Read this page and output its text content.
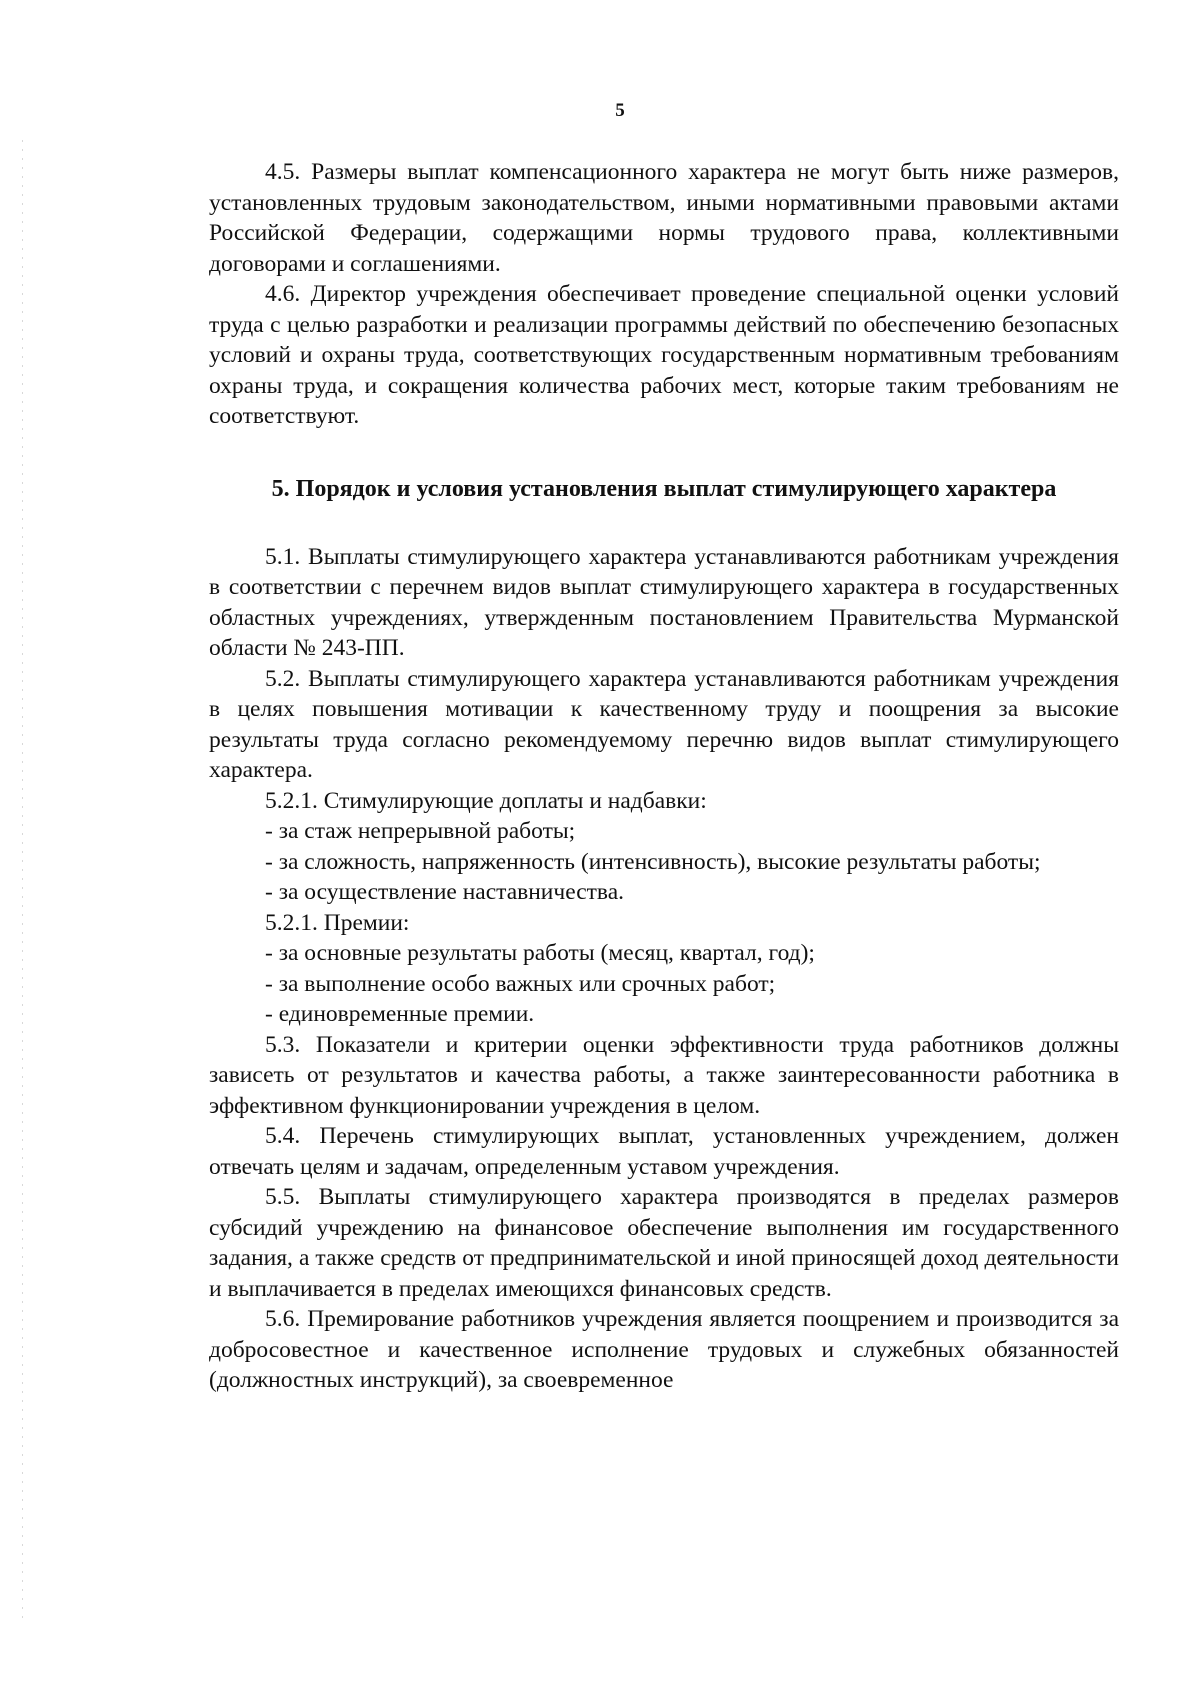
5

4.5. Размеры выплат компенсационного характера не могут быть ниже размеров, установленных трудовым законодательством, иными нормативными правовыми актами Российской Федерации, содержащими нормы трудового права, коллективными договорами и соглашениями.

4.6. Директор учреждения обеспечивает проведение специальной оценки условий труда с целью разработки и реализации программы действий по обеспечению безопасных условий и охраны труда, соответствующих государственным нормативным требованиям охраны труда, и сокращения количества рабочих мест, которые таким требованиям не соответствуют.

5. Порядок и условия установления выплат стимулирующего характера

5.1. Выплаты стимулирующего характера устанавливаются работникам учреждения в соответствии с перечнем видов выплат стимулирующего характера в государственных областных учреждениях, утвержденным постановлением Правительства Мурманской области № 243-ПП.

5.2. Выплаты стимулирующего характера устанавливаются работникам учреждения в целях повышения мотивации к качественному труду и поощрения за высокие результаты труда согласно рекомендуемому перечню видов выплат стимулирующего характера.

5.2.1. Стимулирующие доплаты и надбавки:

- за стаж непрерывной работы;

- за сложность, напряженность (интенсивность), высокие результаты работы;

- за осуществление наставничества.

5.2.1. Премии:

- за основные результаты работы (месяц, квартал, год);

- за выполнение особо важных или срочных работ;

- единовременные премии.

5.3. Показатели и критерии оценки эффективности труда работников должны зависеть от результатов и качества работы, а также заинтересованности работника в эффективном функционировании учреждения в целом.

5.4. Перечень стимулирующих выплат, установленных учреждением, должен отвечать целям и задачам, определенным уставом учреждения.

5.5. Выплаты стимулирующего характера производятся в пределах размеров субсидий учреждению на финансовое обеспечение выполнения им государственного задания, а также средств от предпринимательской и иной приносящей доход деятельности и выплачивается в пределах имеющихся финансовых средств.

5.6. Премирование работников учреждения является поощрением и производится за добросовестное и качественное исполнение трудовых и служебных обязанностей (должностных инструкций), за своевременное
